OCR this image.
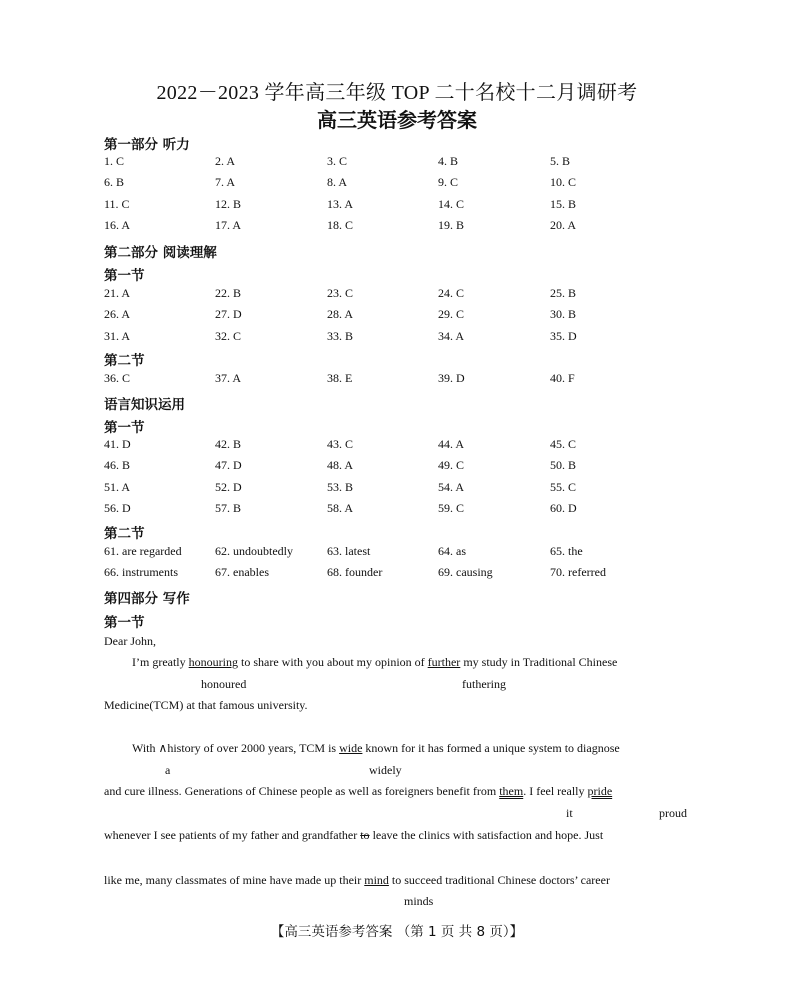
2022－2023 学年高三年级 TOP 二十名校十二月调研考
高三英语参考答案
第一部分 听力
第二部分 阅读理解
第一节
第二节
语言知识运用
第一节
第二节
第四部分 写作
第一节
Dear John,
I’m greatly honouring to share with you about my opinion of further my study in Traditional Chinese
honoured	futhering
Medicine(TCM) at that famous university.
With ∧history of over 2000 years, TCM is wide known for it has formed a unique system to diagnose
a	widely
and cure illness. Generations of Chinese people as well as foreigners benefit from them. I feel really pride
it	proud
whenever I see patients of my father and grandfather to leave the clinics with satisfaction and hope. Just
like me, many classmates of mine have made up their mind to succeed traditional Chinese doctors’ career
minds
【高三英语参考答案 （第 1 页 共 8 页）】
1. C	2. A	3. C	4. B	5. B
6. B	7. A	8. A	9. C	10. C
11. C	12. B	13. A	14. C	15. B
16. A	17. A	18. C	19. B	20. A
21. A	22. B	23. C	24. C	25. B
26. A	27. D	28. A	29. C	30. B
31. A	32. C	33. B	34. A	35. D
36. C	37. A	38. E	39. D	40. F
41. D	42. B	43. C	44. A	45. C
46. B	47. D	48. A	49. C	50. B
51. A	52. D	53. B	54. A	55. C
56. D	57. B	58. A	59. C	60. D
61. are regarded	62. undoubtedly	63. latest	64. as	65. the
66. instruments	67. enables	68. founder	69. causing	70. referred
